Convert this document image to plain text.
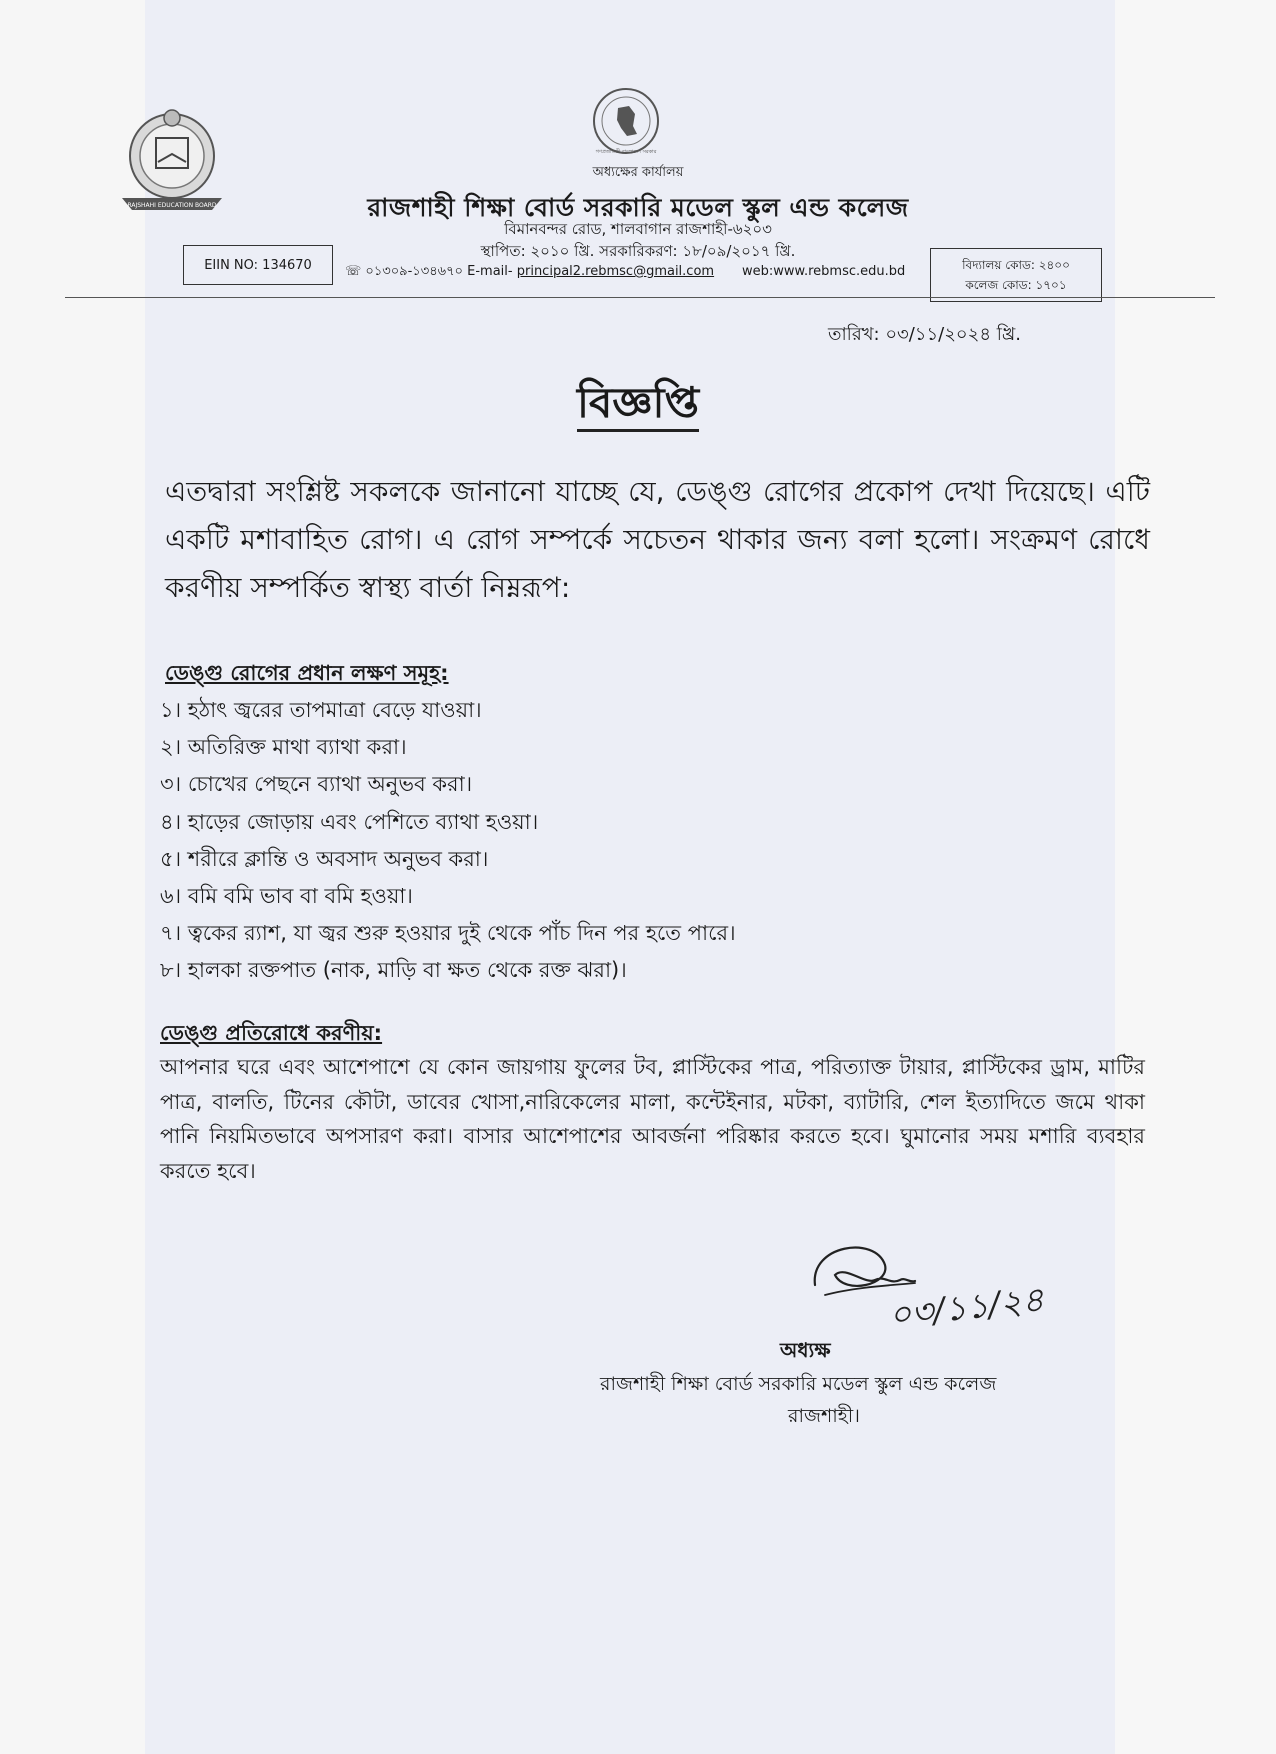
RAJSHAHI EDUCATION BOARD
গণপ্রজাতন্ত্রী বাংলাদেশ সরকার
অধ্যক্ষের কার্যালয়
রাজশাহী শিক্ষা বোর্ড সরকারি মডেল স্কুল এন্ড কলেজ
বিমানবন্দর রোড, শালবাগান রাজশাহী-৬২০৩
স্থাপিত: ২০১০ খ্রি. সরকারিকরণ: ১৮/০৯/২০১৭ খ্রি.
EIIN NO: 134670	☏ ০১৩০৯-১৩৪৬৭০ E-mail- principal2.rebmsc@gmail.com web:www.rebmsc.edu.bd	বিদ্যালয় কোড: ২৪০০
কলেজ কোড: ১৭০১
তারিখ: ০৩/১১/২০২৪ খ্রি.
বিজ্ঞপ্তি
এতদ্বারা সংশ্লিষ্ট সকলকে জানানো যাচ্ছে যে, ডেঙ্গু রোগের প্রকোপ দেখা দিয়েছে। এটি একটি মশাবাহিত রোগ। এ রোগ সম্পর্কে সচেতন থাকার জন্য বলা হলো। সংক্রমণ রোধে করণীয় সম্পর্কিত স্বাস্থ্য বার্তা নিম্নরূপ:
ডেঙ্গু রোগের প্রধান লক্ষণ সমূহ:
১। হঠাৎ জ্বরের তাপমাত্রা বেড়ে যাওয়া।
২। অতিরিক্ত মাথা ব্যাথা করা।
৩। চোখের পেছনে ব্যাথা অনুভব করা।
৪। হাড়ের জোড়ায় এবং পেশিতে ব্যাথা হওয়া।
৫। শরীরে ক্লান্তি ও অবসাদ অনুভব করা।
৬। বমি বমি ভাব বা বমি হওয়া।
৭। ত্বকের র‍্যাশ, যা জ্বর শুরু হওয়ার দুই থেকে পাঁচ দিন পর হতে পারে।
৮। হালকা রক্তপাত (নাক, মাড়ি বা ক্ষত থেকে রক্ত ঝরা)।
ডেঙ্গু প্রতিরোধে করণীয়:
আপনার ঘরে এবং আশেপাশে যে কোন জায়গায় ফুলের টব, প্লাস্টিকের পাত্র, পরিত্যাক্ত টায়ার, প্লাস্টিকের ড্রাম, মাটির পাত্র, বালতি, টিনের কৌটা, ডাবের খোসা,নারিকেলের মালা, কন্টেইনার, মটকা, ব্যাটারি, শেল ইত্যাদিতে জমে থাকা পানি নিয়মিতভাবে অপসারণ করা। বাসার আশেপাশের আবর্জনা পরিষ্কার করতে হবে। ঘুমানোর সময় মশারি ব্যবহার করতে হবে।
০৩/১১/২৪
অধ্যক্ষ
রাজশাহী শিক্ষা বোর্ড সরকারি মডেল স্কুল এন্ড কলেজ
রাজশাহী।
